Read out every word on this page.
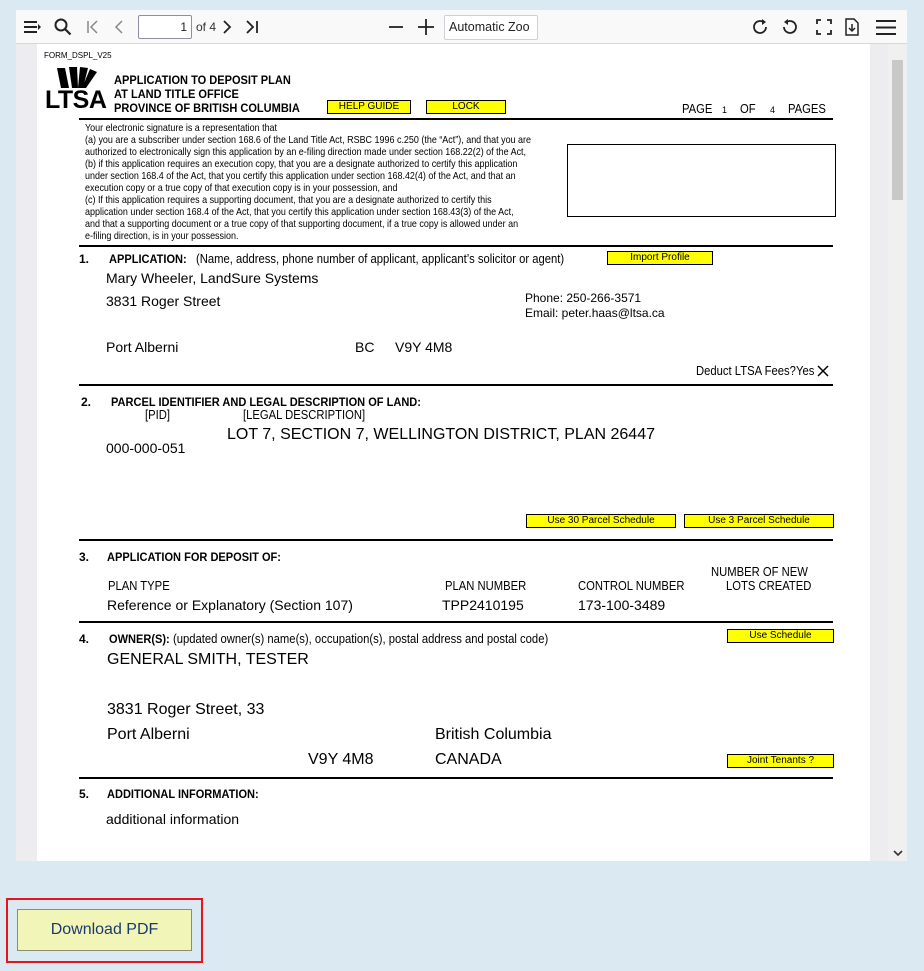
1
of 4	Automatic Zoo
FORM_DSPL_V25
LTSA
APPLICATION TO DEPOSIT PLAN
AT LAND TITLE OFFICE
PROVINCE OF BRITISH COLUMBIA	HELP GUIDE	LOCK	PAGE 1 OF 4 PAGES
Your electronic signature is a representation that
(a) you are a subscriber under section 168.6 of the Land Title Act, RSBC 1996 c.250 (the “Act”), and that you are
authorized to electronically sign this application by an e-filing direction made under section 168.22(2) of the Act,
(b) if this application requires an execution copy, that you are a designate authorized to certify this application
under section 168.4 of the Act, that you certify this application under section 168.42(4) of the Act, and that an
execution copy or a true copy of that execution copy is in your possession, and
(c) If this application requires a supporting document, that you are a designate authorized to certify this
application under section 168.4 of the Act, that you certify this application under section 168.43(3) of the Act,
and that a supporting document or a true copy of that supporting document, if a true copy is allowed under an
e-filing direction, is in your possession.
1. APPLICATION: (Name, address, phone number of applicant, applicant’s solicitor or agent)	Import Profile
Mary Wheeler, LandSure Systems
3831 Roger Street	Phone: 250-266-3571
Email: peter.haas@ltsa.ca
Port Alberni	BC V9Y 4M8
Deduct LTSA Fees? Yes
2. PARCEL IDENTIFIER AND LEGAL DESCRIPTION OF LAND:
[PID]	[LEGAL DESCRIPTION]
LOT 7, SECTION 7, WELLINGTON DISTRICT, PLAN 26447
000-000-051
Use 30 Parcel Schedule	Use 3 Parcel Schedule
3. APPLICATION FOR DEPOSIT OF:
NUMBER OF NEW
LOTS CREATED
PLAN TYPE	PLAN NUMBER	CONTROL NUMBER
Reference or Explanatory (Section 107)	TPP2410195	173-100-3489
4. OWNER(S): (updated owner(s) name(s), occupation(s), postal address and postal code)	Use Schedule
GENERAL SMITH, TESTER
3831 Roger Street, 33
Port Alberni	British Columbia
V9Y 4M8	CANADA	Joint Tenants ?
5. ADDITIONAL INFORMATION:
additional information
Download PDF
